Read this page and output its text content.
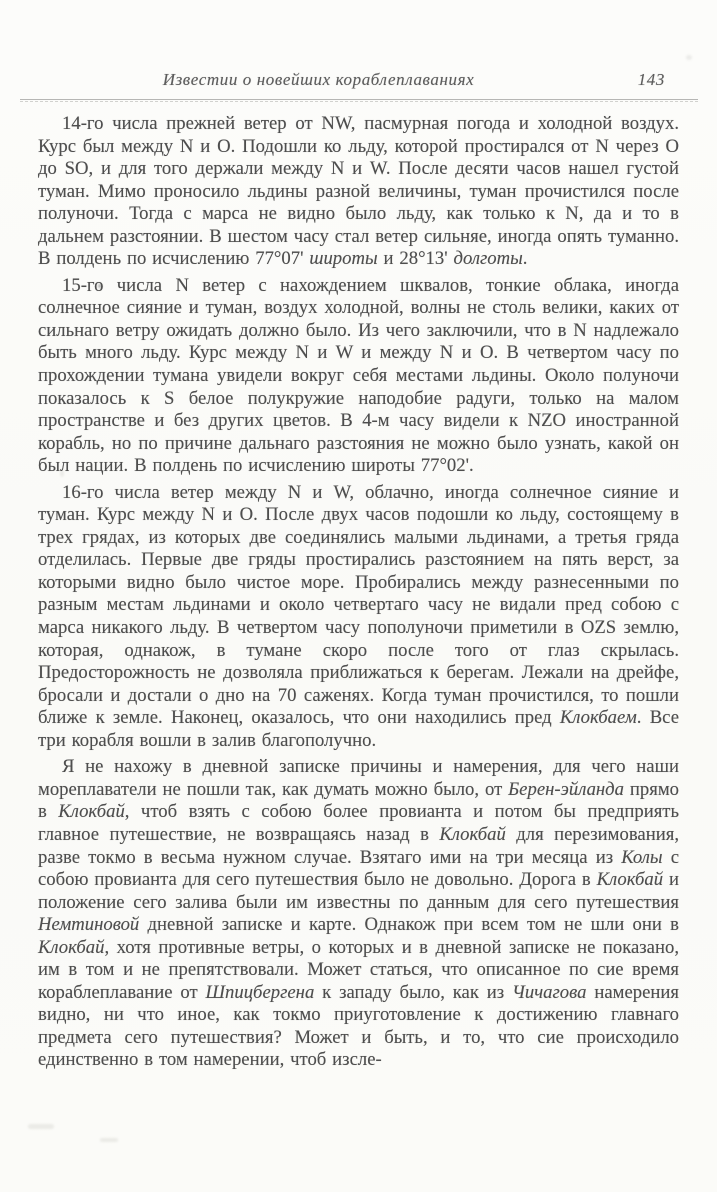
Известии о новейших кораблеплаваниях	143

14-го числа прежней ветер от NW, пасмурная погода и холодной воздух. Курс был между N и О. Подошли ко льду, которой простирался от N через О до SO, и для того держали между N и W. После десяти часов нашел густой туман. Мимо проносило льдины разной величины, туман прочистился после полуночи. Тогда с марса не видно было льду, как только к N, да и то в дальнем разстоянии. В шестом часу стал ветер сильняе, иногда опять туманно. В полдень по исчислению 77°07' широты и 28°13' долготы.

15-го числа N ветер с нахождением шквалов, тонкие облака, иногда солнечное сияние и туман, воздух холодной, волны не столь велики, каких от сильнаго ветру ожидать должно было. Из чего заключили, что в N надлежало быть много льду. Курс между N и W и между N и О. В четвертом часу по прохождении тумана увидели вокруг себя местами льдины. Около полуночи показалось к S белое полукружие наподобие радуги, только на малом пространстве и без других цветов. В 4-м часу видели к NZO иностранной корабль, но по причине дальнаго разстояния не можно было узнать, какой он был нации. В полдень по исчислению широты 77°02'.

16-го числа ветер между N и W, облачно, иногда солнечное сияние и туман. Курс между N и О. После двух часов подошли ко льду, состоящему в трех грядах, из которых две соединялись малыми льдинами, а третья гряда отделилась. Первые две гряды простирались разстоянием на пять верст, за которыми видно было чистое море. Пробирались между разнесенными по разным местам льдинами и около четвертаго часу не видали пред собою с марса никакого льду. В четвертом часу пополуночи приметили в OZS землю, которая, однакож, в тумане скоро после того от глаз скрылась. Предосторожность не дозволяла приближаться к берегам. Лежали на дрейфе, бросали и достали о дно на 70 саженях. Когда туман прочистился, то пошли ближе к земле. Наконец, оказалось, что они находились пред Клокбаем. Все три корабля вошли в залив благополучно.

Я не нахожу в дневной записке причины и намерения, для чего наши мореплаватели не пошли так, как думать можно было, от Берен-эйланда прямо в Клокбай, чтоб взять с собою более провианта и потом бы предприять главное путешествие, не возвращаясь назад в Клокбай для перезимования, разве токмо в весьма нужном случае. Взятаго ими на три месяца из Колы с собою провианта для сего путешествия было не довольно. Дорога в Клокбай и положение сего залива были им известны по данным для сего путешествия Немтиновой дневной записке и карте. Однакож при всем том не шли они в Клокбай, хотя противные ветры, о которых и в дневной записке не показано, им в том и не препятствовали. Может статься, что описанное по сие время кораблеплавание от Шпицбергена к западу было, как из Чичагова намерения видно, ни что иное, как токмо приуготовление к достижению главнаго предмета сего путешествия? Может и быть, и то, что сие происходило единственно в том намерении, чтоб изсле-
